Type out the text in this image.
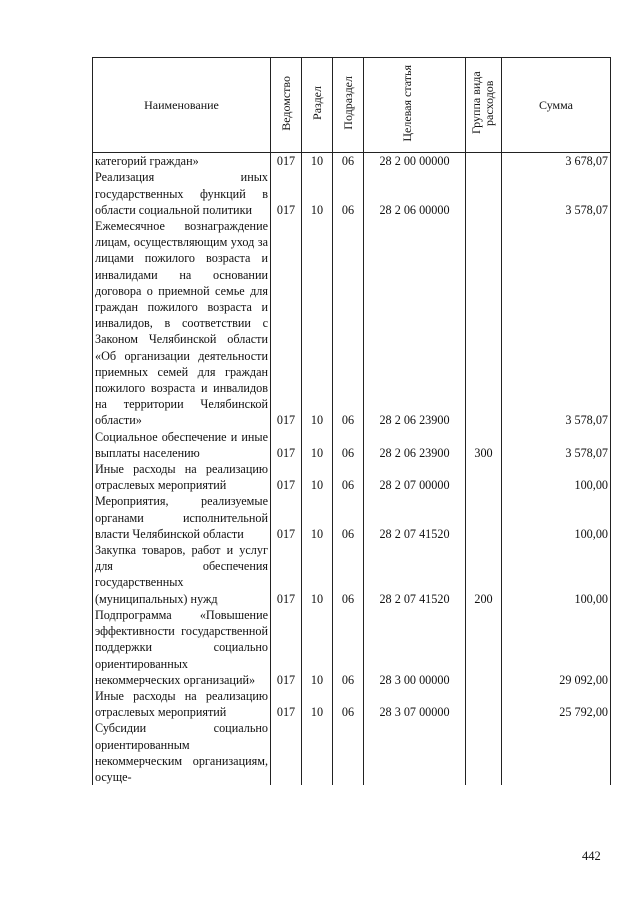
Наименование	Ведомство	Раздел	Подраздел	Целевая статья	Группа вида расходов	Сумма
категорий граждан»	017	10	06	28 2 00 00000		3 678,07
Реализация иных государственных функций в области социальной политики	017	10	06	28 2 06 00000		3 578,07
Ежемесячное вознаграждение лицам, осуществляющим уход за лицами пожилого возраста и инвалидами на основании договора о приемной семье для граждан пожилого возраста и инвалидов, в соответствии с Законом Челябинской области «Об организации деятельности приемных семей для граждан пожилого возраста и инвалидов на территории Челябинской области»	017	10	06	28 2 06 23900		3 578,07
Социальное обеспечение и иные выплаты населению	017	10	06	28 2 06 23900	300	3 578,07
Иные расходы на реализацию отраслевых мероприятий	017	10	06	28 2 07 00000		100,00
Мероприятия, реализуемые органами исполнительной власти Челябинской области	017	10	06	28 2 07 41520		100,00
Закупка товаров, работ и услуг для обеспечения государственных (муниципальных) нужд	017	10	06	28 2 07 41520	200	100,00
Подпрограмма «Повышение эффективности государственной поддержки социально ориентированных некоммерческих организаций»	017	10	06	28 3 00 00000		29 092,00
Иные расходы на реализацию отраслевых мероприятий	017	10	06	28 3 07 00000		25 792,00
Субсидии социально ориентированным некоммерческим организациям, осуще-						
442
